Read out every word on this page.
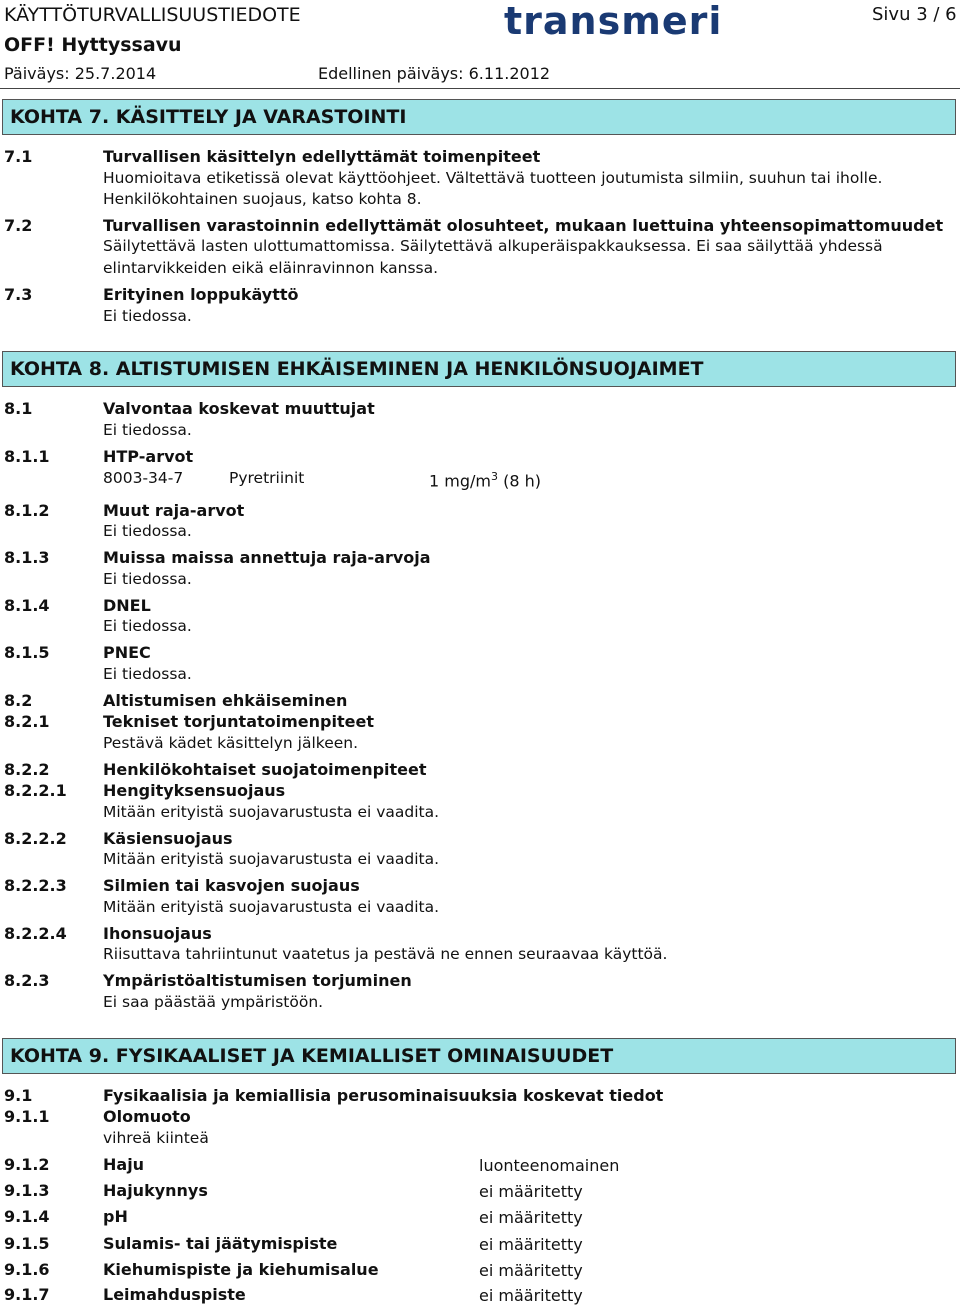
KÄYTTÖTURVALLISUUSTIEDOTE
OFF! Hyttyssavu
Päiväys: 25.7.2014	Edellinen päiväys: 6.11.2012
Sivu 3 / 6
transmeri
KOHTA 7. KÄSITTELY JA VARASTOINTI
7.1	Turvallisen käsittelyn edellyttämät toimenpiteet
Huomioitava etiketissä olevat käyttöohjeet. Vältettävä tuotteen joutumista silmiin, suuhun tai iholle.
Henkilökohtainen suojaus, katso kohta 8.
7.2	Turvallisen varastoinnin edellyttämät olosuhteet, mukaan luettuina yhteensopimattomuudet
Säilytettävä lasten ulottumattomissa. Säilytettävä alkuperäispakkauksessa. Ei saa säilyttää yhdessä
elintarvikkeiden eikä eläinravinnon kanssa.
7.3	Erityinen loppukäyttö
Ei tiedossa.
KOHTA 8. ALTISTUMISEN EHKÄISEMINEN JA HENKILÖNSUOJAIMET
8.1	Valvontaa koskevat muuttujat
Ei tiedossa.
8.1.1	HTP-arvot
8003-34-7	Pyretriinit	1 $mg/m^3$ (8 h)
8.1.2	Muut raja-arvot
Ei tiedossa.
8.1.3	Muissa maissa annettuja raja-arvoja
Ei tiedossa.
8.1.4	DNEL
Ei tiedossa.
8.1.5	PNEC
Ei tiedossa.
8.2	Altistumisen ehkäiseminen
8.2.1	Tekniset torjuntatoimenpiteet
Pestävä kädet käsittelyn jälkeen.
8.2.2	Henkilökohtaiset suojatoimenpiteet
8.2.2.1 Hengityksensuojaus
Mitään erityistä suojavarustusta ei vaadita.
8.2.2.2 Käsiensuojaus
Mitään erityistä suojavarustusta ei vaadita.
8.2.2.3 Silmien tai kasvojen suojaus
Mitään erityistä suojavarustusta ei vaadita.
8.2.2.4 Ihonsuojaus
Riisuttava tahriintunut vaatetus ja pestävä ne ennen seuraavaa käyttöä.
8.2.3	Ympäristöaltistumisen torjuminen
Ei saa päästää ympäristöön.
KOHTA 9. FYSIKAALISET JA KEMIALLISET OMINAISUUDET
9.1	Fysikaalisia ja kemiallisia perusominaisuuksia koskevat tiedot
9.1.1	Olomuoto
vihreä kiinteä
9.1.2	Haju	luonteenomainen
9.1.3	Hajukynnys	ei määritetty
9.1.4	pH	ei määritetty
9.1.5	Sulamis- tai jäätymispiste	ei määritetty
9.1.6	Kiehumispiste ja kiehumisalue	ei määritetty
9.1.7	Leimahduspiste	ei määritetty
